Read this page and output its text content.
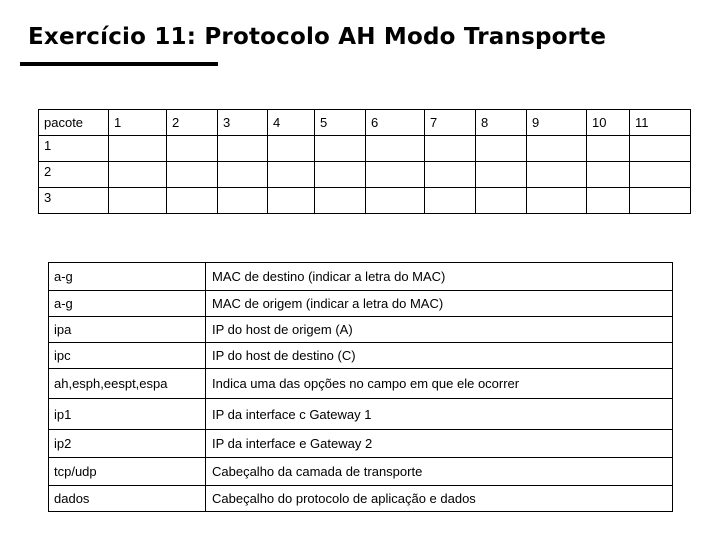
Exercício 11: Protocolo AH Modo Transporte
pacote	1	2	3	4	5	6	7	8	9	10	11
1											
2											
3											
a-g	MAC de destino (indicar a letra do MAC)
a-g	MAC de origem (indicar a letra do MAC)
ipa	IP do host de origem (A)
ipc	IP do host de destino (C)
ah,esph,eespt,espa	Indica uma das opções no campo em que ele ocorrer
ip1	IP da interface c Gateway 1
ip2	IP da interface e Gateway 2
tcp/udp	Cabeçalho da camada de transporte
dados	Cabeçalho do protocolo de aplicação e dados
